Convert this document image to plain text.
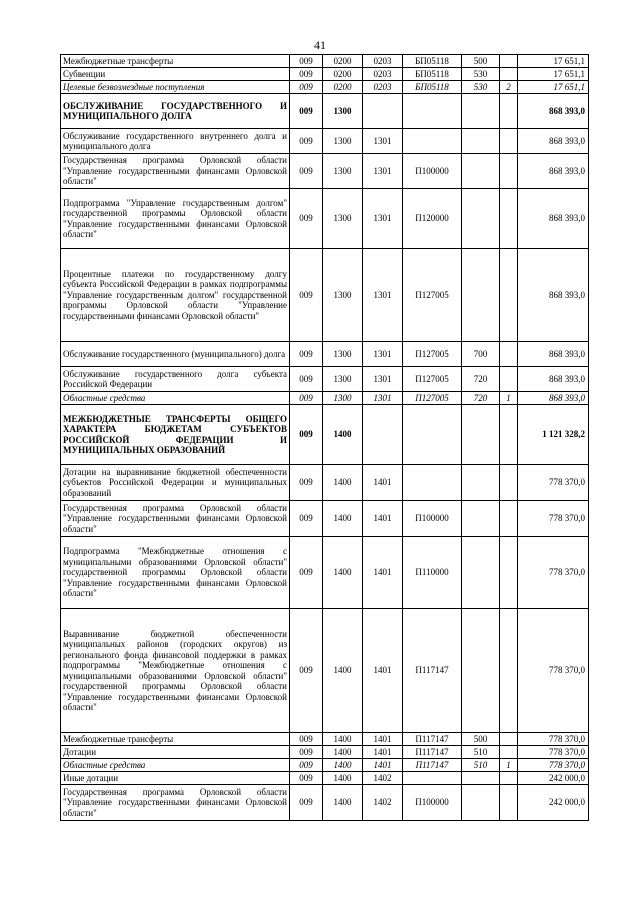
41
Межбюджетные трансферты	009	0200	0203	БП05118	500		17 651,1
Субвенции	009	0200	0203	БП05118	530		17 651,1
Целевые безвозмездные поступления	009	0200	0203	БП05118	530	2	17 651,1
ОБСЛУЖИВАНИЕ ГОСУДАРСТВЕННОГО И МУНИЦИПАЛЬНОГО ДОЛГА	009	1300					868 393,0
Обслуживание государственного внутреннего долга и муниципального долга	009	1300	1301				868 393,0
Государственная программа Орловской области "Управление государственными финансами Орловской области"	009	1300	1301	П100000			868 393,0
Подпрограмма "Управление государственным долгом" государственной программы Орловской области "Управление государственными финансами Орловской области"	009	1300	1301	П120000			868 393,0
Процентные платежи по государственному долгу субъекта Российской Федерации в рамках подпрограммы "Управление государственным долгом" государственной программы Орловской области "Управление государственными финансами Орловской области"	009	1300	1301	П127005			868 393,0
Обслуживание государственного (муниципального) долга	009	1300	1301	П127005	700		868 393,0
Обслуживание государственного долга субъекта Российской Федерации	009	1300	1301	П127005	720		868 393,0
Областные средства	009	1300	1301	П127005	720	1	868 393,0
МЕЖБЮДЖЕТНЫЕ ТРАНСФЕРТЫ ОБЩЕГО ХАРАКТЕРА БЮДЖЕТАМ СУБЪЕКТОВ РОССИЙСКОЙ ФЕДЕРАЦИИ И МУНИЦИПАЛЬНЫХ ОБРАЗОВАНИЙ	009	1400					1 121 328,2
Дотации на выравнивание бюджетной обеспеченности субъектов Российской Федерации и муниципальных образований	009	1400	1401				778 370,0
Государственная программа Орловской области "Управление государственными финансами Орловской области"	009	1400	1401	П100000			778 370,0
Подпрограмма "Межбюджетные отношения с муниципальными образованиями Орловской области" государственной программы Орловской области "Управление государственными финансами Орловской области"	009	1400	1401	П110000			778 370,0
Выравнивание бюджетной обеспеченности муниципальных районов (городских округов) из регионального фонда финансовой поддержки в рамках подпрограммы "Межбюджетные отношения с муниципальными образованиями Орловской области" государственной программы Орловской области "Управление государственными финансами Орловской области"	009	1400	1401	П117147			778 370,0
Межбюджетные трансферты	009	1400	1401	П117147	500		778 370,0
Дотации	009	1400	1401	П117147	510		778 370,0
Областные средства	009	1400	1401	П117147	510	1	778 370,0
Иные дотации	009	1400	1402				242 000,0
Государственная программа Орловской области "Управление государственными финансами Орловской области"	009	1400	1402	П100000			242 000,0
